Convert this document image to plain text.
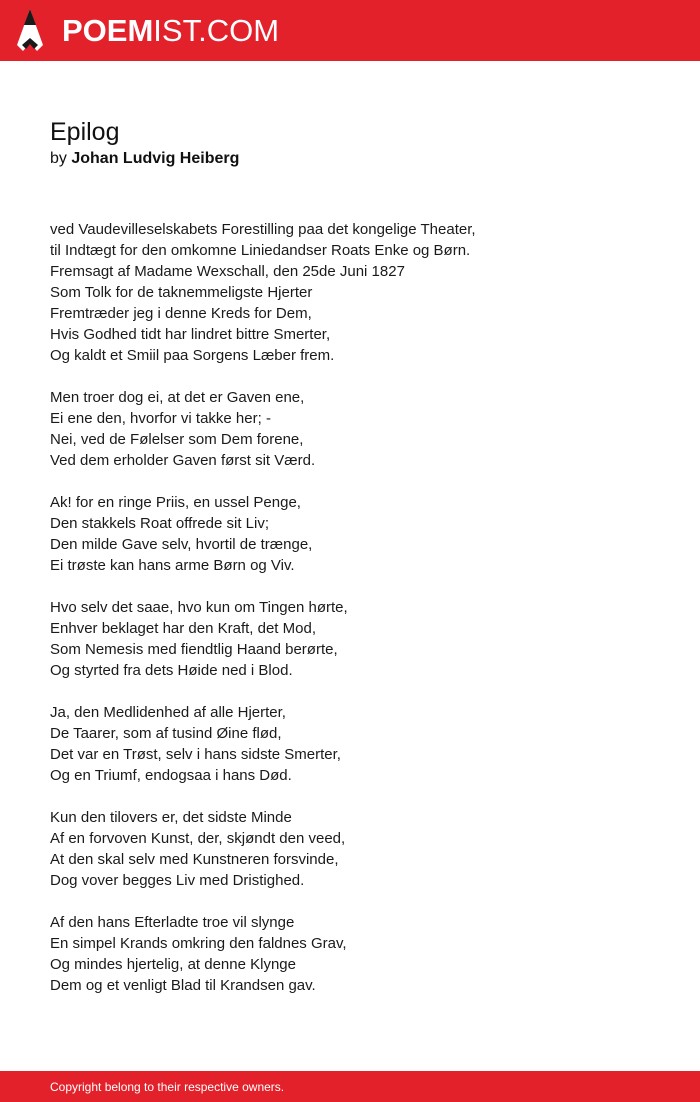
POEMIST.COM
Epilog
by Johan Ludvig Heiberg
ved Vaudevilleselskabets Forestilling paa det kongelige Theater,
til Indtægt for den omkomne Liniedandser Roats Enke og Børn.
Fremsagt af Madame Wexschall, den 25de Juni 1827
Som Tolk for de taknemmeligste Hjerter
Fremtræder jeg i denne Kreds for Dem,
Hvis Godhed tidt har lindret bittre Smerter,
Og kaldt et Smiil paa Sorgens Læber frem.
Men troer dog ei, at det er Gaven ene,
Ei ene den, hvorfor vi takke her; -
Nei, ved de Følelser som Dem forene,
Ved dem erholder Gaven først sit Værd.
Ak! for en ringe Priis, en ussel Penge,
Den stakkels Roat offrede sit Liv;
Den milde Gave selv, hvortil de trænge,
Ei trøste kan hans arme Børn og Viv.
Hvo selv det saae, hvo kun om Tingen hørte,
Enhver beklaget har den Kraft, det Mod,
Som Nemesis med fiendtlig Haand berørte,
Og styrted fra dets Høide ned i Blod.
Ja, den Medlidenhed af alle Hjerter,
De Taarer, som af tusind Øine flød,
Det var en Trøst, selv i hans sidste Smerter,
Og en Triumf, endogsaa i hans Død.
Kun den tilovers er, det sidste Minde
Af en forvoven Kunst, der, skjøndt den veed,
At den skal selv med Kunstneren forsvinde,
Dog vover begges Liv med Dristighed.
Af den hans Efterladte troe vil slynge
En simpel Krands omkring den faldnes Grav,
Og mindes hjertelig, at denne Klynge
Dem og et venligt Blad til Krandsen gav.
Copyright belong to their respective owners.
